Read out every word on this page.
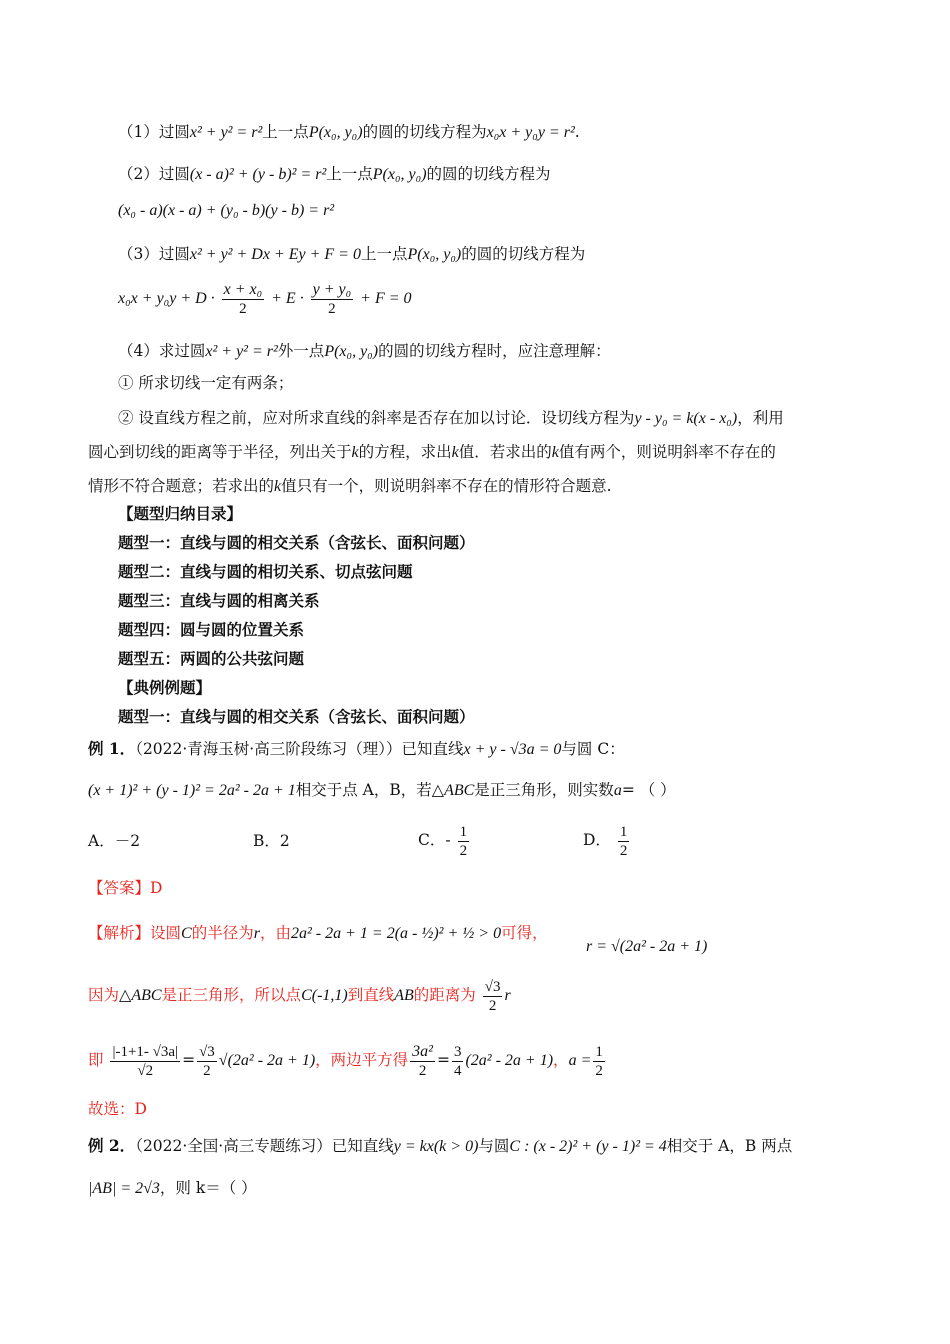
（1）过圆x² + y² = r²上一点P(x₀, y₀)的圆的切线方程为x₀x + y₀y = r².
（2）过圆(x - a)² + (y - b)² = r²上一点P(x₀, y₀)的圆的切线方程为
(x₀ - a)(x - a) + (y₀ - b)(y - b) = r²
（3）过圆x² + y² + Dx + Ey + F = 0上一点P(x₀, y₀)的圆的切线方程为
$x_0x + y_0y + D \cdot \frac{\text{x + x₀}}{2} + E \cdot \frac{\text{y + y₀}}{2} + F = 0$
（4）求过圆x² + y² = r²外一点P(x₀, y₀)的圆的切线方程时，应注意理解：
① 所求切线一定有两条；
② 设直线方程之前，应对所求直线的斜率是否存在加以讨论．设切线方程为y - y₀ = k(x - x₀)，利用
圆心到切线的距离等于半径，列出关于k的方程，求出k值．若求出的k值有两个，则说明斜率不存在的
情形不符合题意；若求出的k值只有一个，则说明斜率不存在的情形符合题意.
【题型归纳目录】
题型一：直线与圆的相交关系（含弦长、面积问题）
题型二：直线与圆的相切关系、切点弦问题
题型三：直线与圆的相离关系
题型四：圆与圆的位置关系
题型五：两圆的公共弦问题
【典例例题】
题型一：直线与圆的相交关系（含弦长、面积问题）
例 1．（2022·青海玉树·高三阶段练习（理））已知直线x + y - √3a = 0与圆 C：
(x + 1)² + (y - 1)² = 2a² - 2a + 1相交于点 A，B，若△ABC是正三角形，则实数a= （ ）
A．－2	B．2	C．- $\frac{1}{2}$	D． $\frac{1}{2}$
【答案】D
【解析】设圆C的半径为r，由2a² - 2a + 1 = 2(a - ½)² + ½ > 0可得，
r = √(2a² - 2a + 1)
因为△ABC是正三角形，所以点C(-1,1)到直线AB的距离为 $\frac{√3}{2}$ r
即 $\frac{|-1+1- √3a|}{√2} = \frac{√3}{2} √(2a^2 - 2a + 1)$，两边平方得 $\frac{\text{3a²}}{2} = \frac{3}{4} (2a^2 - 2a + 1)$，$a = \frac{1}{2}$
故选：D
例 2．（2022·全国·高三专题练习）已知直线y = kx(k > 0)与圆C : (x - 2)² + (y - 1)² = 4相交于 A，B 两点
|AB| = 2√3，则 k＝（ ）
